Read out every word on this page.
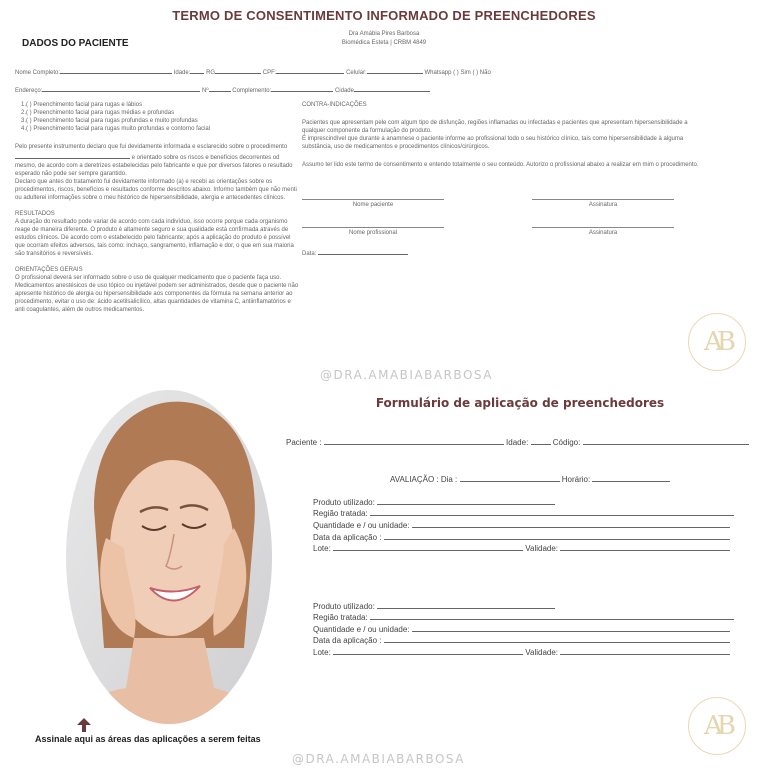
TERMO DE CONSENTIMENTO INFORMADO DE PREENCHEDORES
DADOS DO PACIENTE
Dra Amábia Pires Barbosa
Biomédica Esteta | CRBM 4849
Nome Completo:	Idade:	RG	CPF:	Celular:	Whatsapp ( ) Sim ( ) Não
Endereço:	Nº	Complemento:	Cidade
1.( ) Preenchimento facial para rugas e lábios
2.( ) Preenchimento facial para rugas médias e profundas
3.( ) Preenchimento facial para rugas profundas e muito profundas
4.( ) Preenchimento facial para rugas muito profundas e contorno facial

Pelo presente instrumento declaro que fui devidamente informada e esclarecido sobre o procedimento  e orientado sobre os riscos e benefícios decorrentes od mesmo, de acordo com a deretrizes estabelecidas pelo fabricante e que por diversos fatores o resultado esperado não pode ser sempre garantido.
Declaro que antes do tratamento fui devidamente informado (a) e recebi as orientações sobre os procedimentos, riscos, benefícios e resultados conforme descritos abaixo. Informo também que não menti ou adulterei informações sobre o meu histórico de hipersensibilidade, alergia e antecedentes clínicos.

RESULTADOS
A duração do resultado pode variar de acordo com cada indivíduo, isso ocorre porque cada organismo reage de maneira diferente. O produto é altamente seguro e sua qualidade está confirmada através de estudos clínicos. De acordo com o estabelecido pelo fabricante; após a aplicação do produto é possível que ocorram efeitos adversos, tais como: inchaço, sangramento, inflamação e dor, o que em sua maioria são transitórios e reversíveis.

ORIENTAÇÕES GERAIS
O profissional deverá ser informado sobre o uso de qualquer medicamento que o paciente faça uso.
Medicamentos anestésicos de uso tópico ou injetável podem ser administrados, desde que o paciente não apresente histórico de alergia ou hipersensibilidade aos componentes da fórmula na semana anterior ao procedimento, evitar o uso de: ácido acetilsalicílico, altas quantidades de vitamina C, antiinflamatórios e anti coagulantes, além de outros medicamentos.

CONTRA-INDICAÇÕES

Pacientes que apresentam pele com algum tipo de disfunção, regiões inflamadas ou infectadas e pacientes que apresentam hipersensibilidade a qualquer componente da formulação do produto.
É imprescindível que durante a anamnese o paciente informe ao profissional todo o seu histórico clínico, tais como hipersensibilidade à alguma substância, uso de medicamentos e procedimentos clínicos/cirúrgicos.

Assumo ter lido este termo de consentimento e entendo totalmente o seu conteúdo. Autorizo o profissional abaixo a realizar em mim o procedimento.

Nome paciente	Assinatura
Nome profissional	Assinatura
Data:
AB
@DRA.AMABIABARBOSA
AB
@DRA.AMABIABARBOSA
Formulário de aplicação de preenchedores
Paciente :	Idade:	Código:
AVALIAÇÃO : Dia :	Horário:
Produto utilizado:
Região tratada:
Quantidade e / ou unidade:
Data da aplicação :
Lote:	Validade:
Produto utilizado:
Região tratada:
Quantidade e / ou unidade:
Data da aplicação :
Lote:	Validade:
Assinale aqui as áreas das aplicações a serem feitas
